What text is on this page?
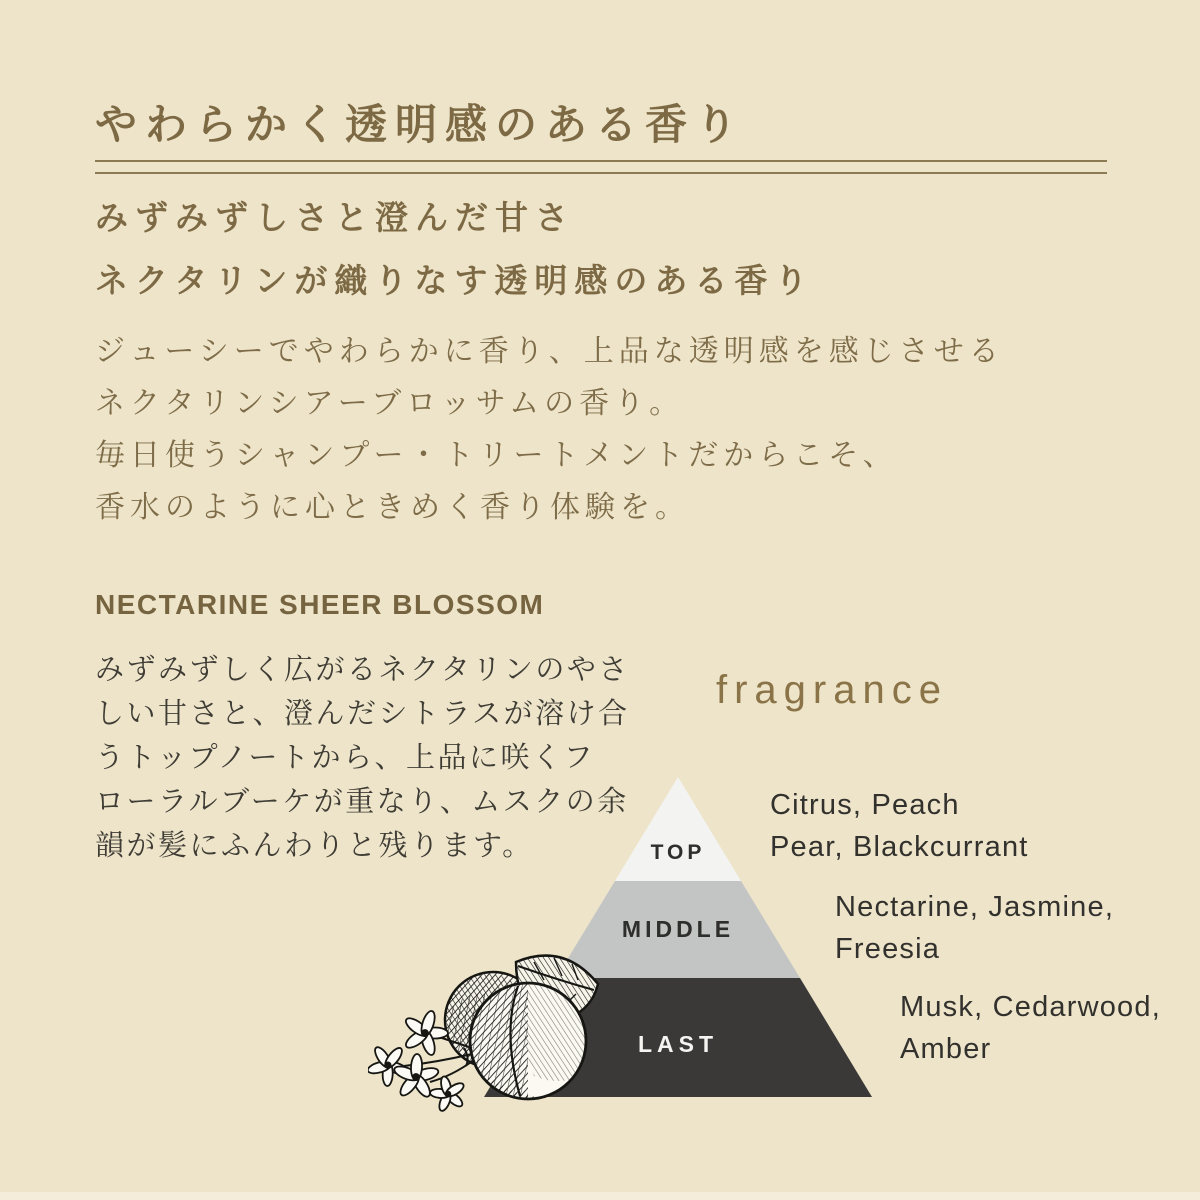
やわらかく透明感のある香り
みずみずしさと澄んだ甘さ
ネクタリンが織りなす透明感のある香り
ジューシーでやわらかに香り、上品な透明感を感じさせる
ネクタリンシアーブロッサムの香り。
毎日使うシャンプー・トリートメントだからこそ、
香水のように心ときめく香り体験を。
NECTARINE SHEER BLOSSOM
みずみずしく広がるネクタリンのやさ
しい甘さと、澄んだシトラスが溶け合
うトップノートから、上品に咲くフ
ローラルブーケが重なり、ムスクの余
韻が髪にふんわりと残ります。
fragrance
TOP
MIDDLE
LAST
Citrus, Peach
Pear, Blackcurrant
Nectarine, Jasmine,
Freesia
Musk, Cedarwood,
Amber
